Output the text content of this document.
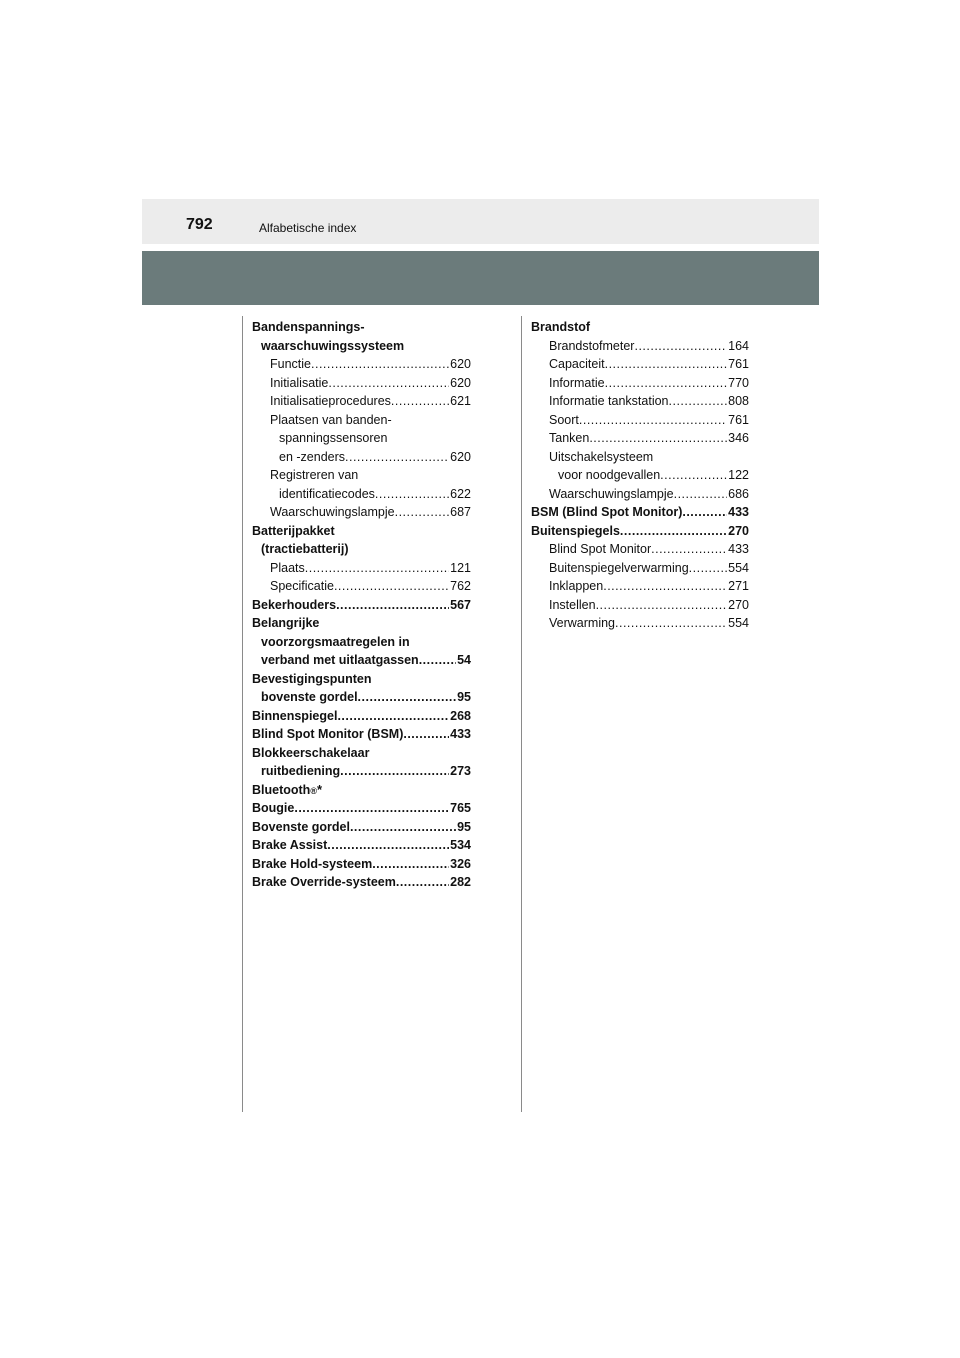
792	Alfabetische index
Bandenspannings-
waarschuwingssysteem
Functie .....	620
Initialisatie .....	620
Initialisatieprocedures .....	621
Plaatsen van banden-
spanningssensoren
en -zenders .....	620
Registreren van
identificatiecodes .....	622
Waarschuwingslampje .....	687
Batterijpakket
(tractiebatterij)
Plaats .....	121
Specificatie .....	762
Bekerhouders .....	567
Belangrijke
voorzorgsmaatregelen in
verband met uitlaatgassen .....	54
Bevestigingspunten
bovenste gordel .....	95
Binnenspiegel .....	268
Blind Spot Monitor (BSM) .....	433
Blokkeerschakelaar
ruitbediening .....	273
Bluetooth ® *
Bougie .....	765
Bovenste gordel .....	95
Brake Assist .....	534
Brake Hold-systeem .....	326
Brake Override-systeem .....	282
Brandstof
Brandstofmeter .....	164
Capaciteit .....	761
Informatie .....	770
Informatie tankstation .....	808
Soort .....	761
Tanken .....	346
Uitschakelsysteem
voor noodgevallen .....	122
Waarschuwingslampje .....	686
BSM (Blind Spot Monitor) .....	433
Buitenspiegels .....	270
Blind Spot Monitor .....	433
Buitenspiegelverwarming .....	554
Inklappen .....	271
Instellen .....	270
Verwarming .....	554
